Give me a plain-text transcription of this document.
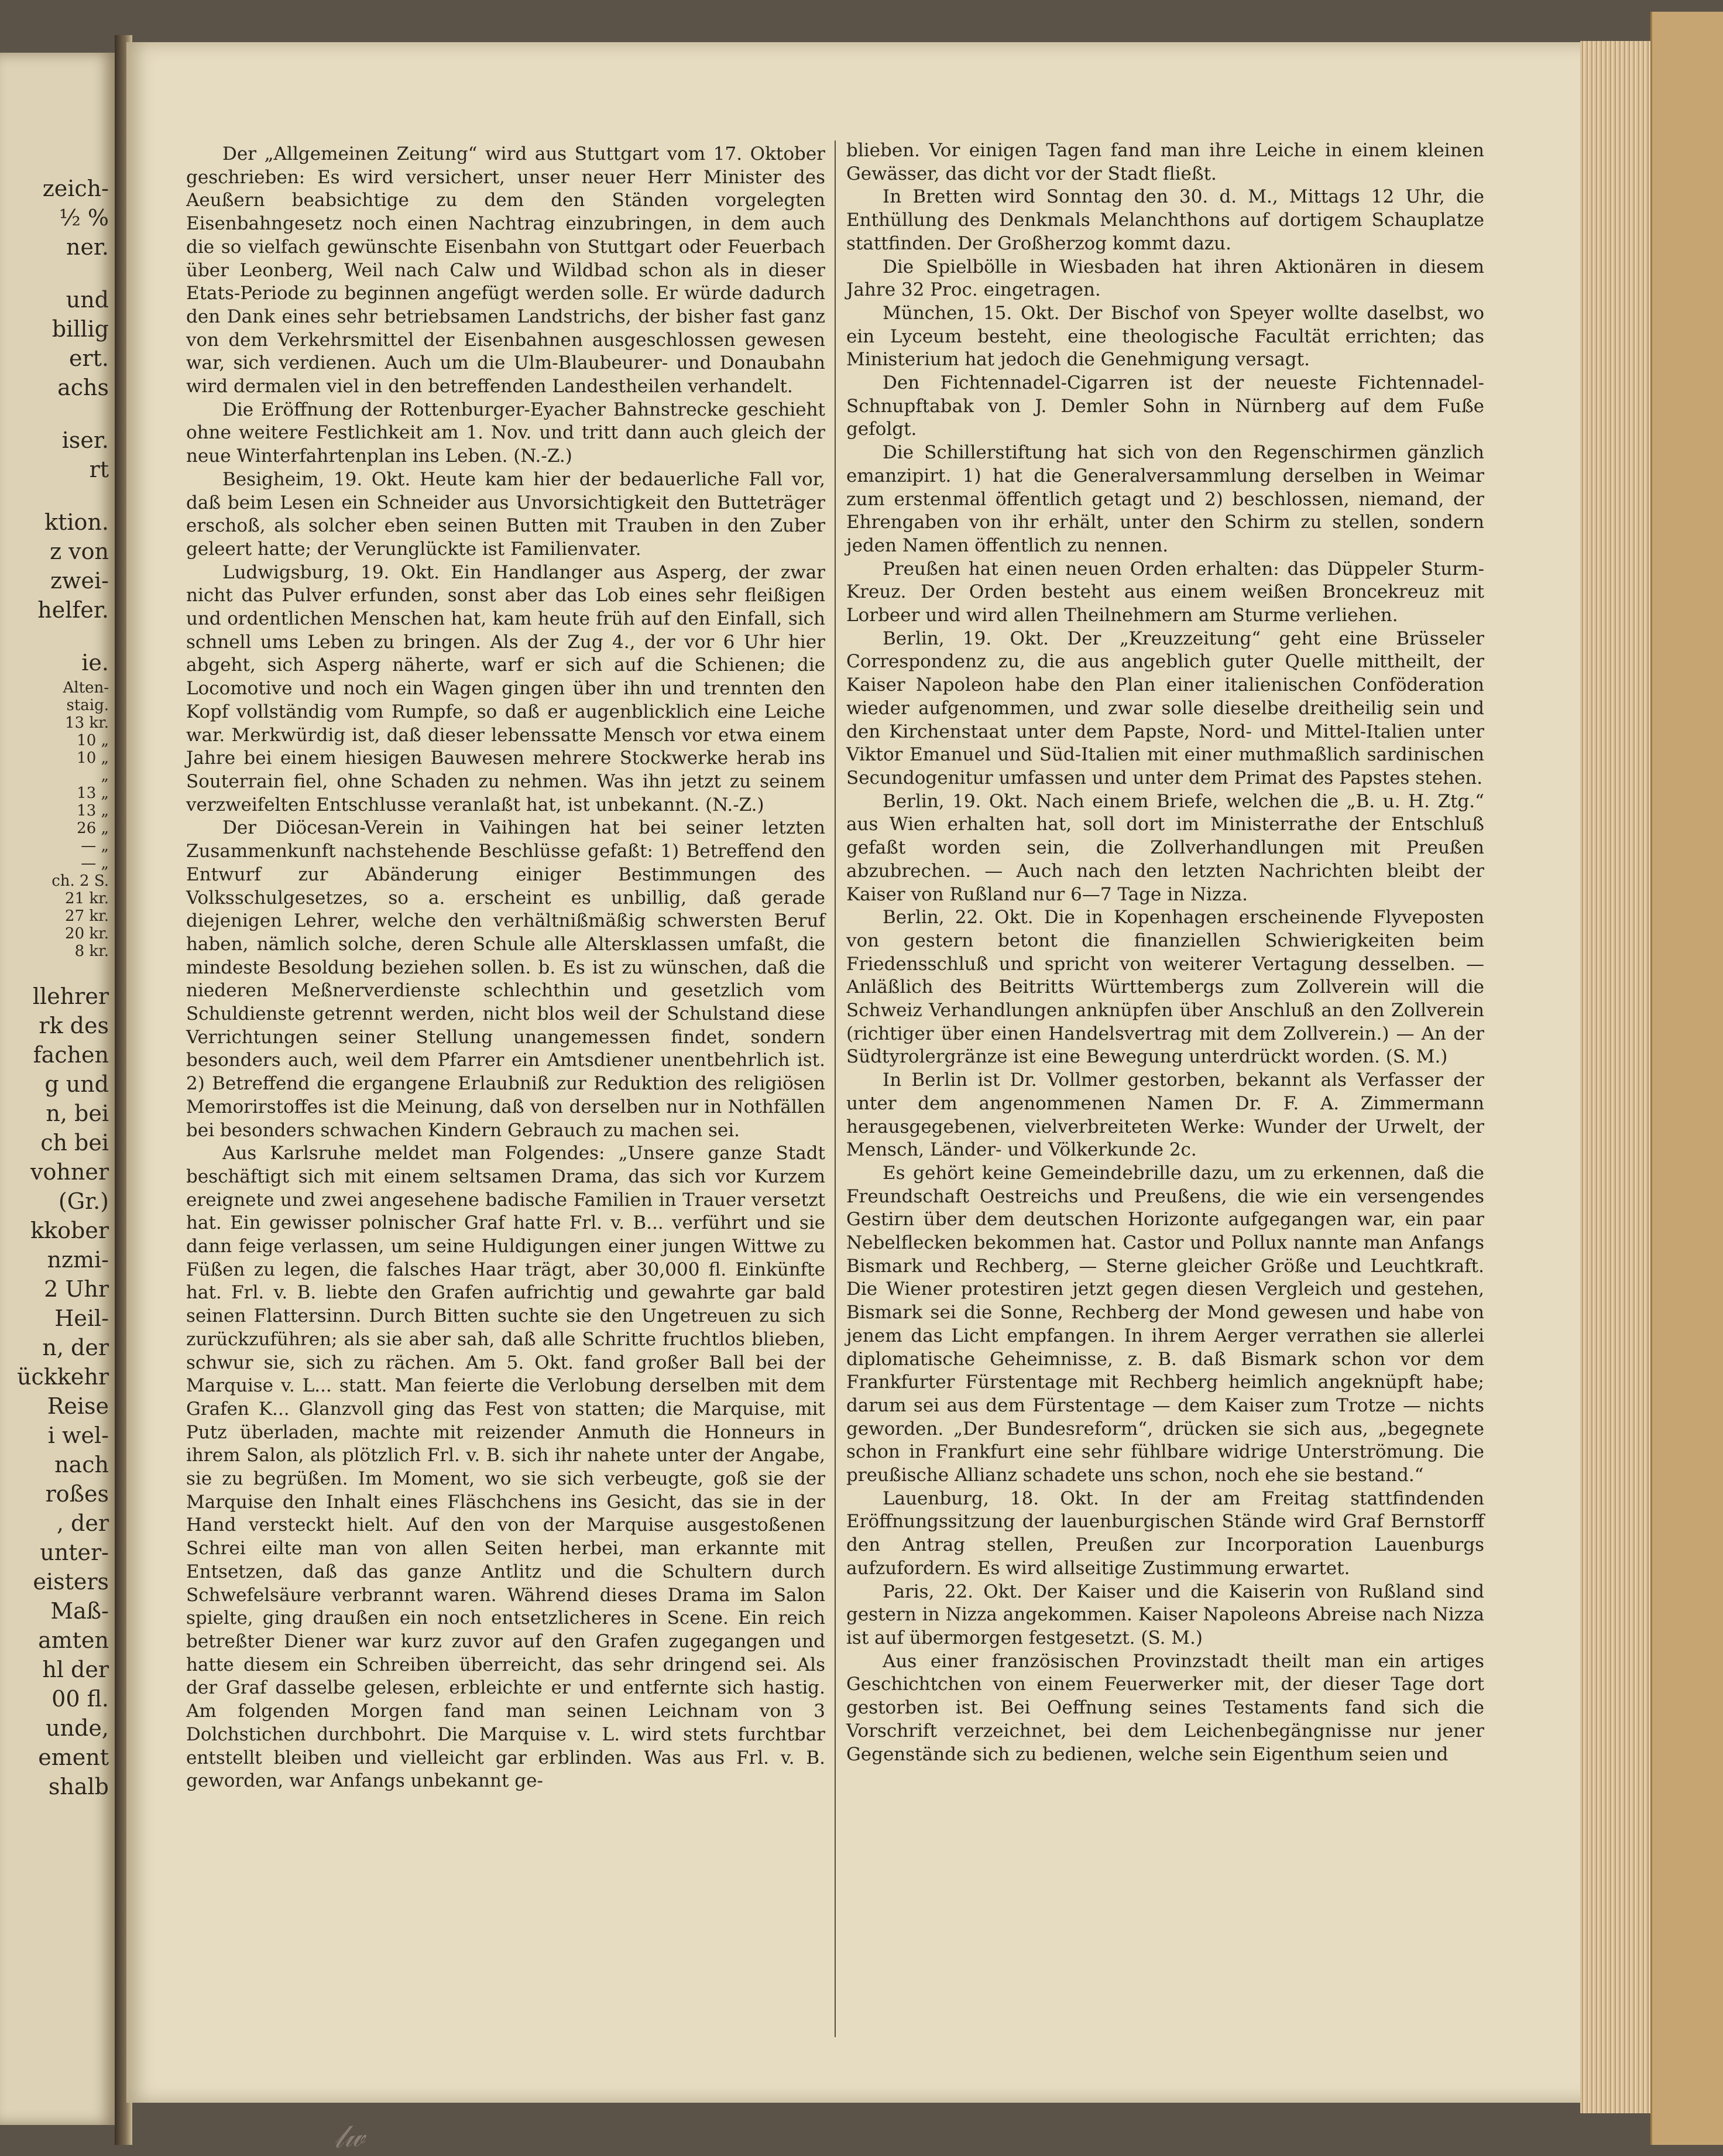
zeich-
½ %
ner.
und
billig
ert.
achs
iser.
rt
ktion.
z von
zwei-
helfer.
ie.
Alten-
staig.
13 kr.
10 „
10 „
„
13 „
13 „
26 „
— „
— „
ch. 2 S.
21 kr.
27 kr.
20 kr.
8 kr.
llehrer
rk des
fachen
g und
n, bei
ch bei
vohner
(Gr.)
kkober
nzmi-
2 Uhr
Heil-
n, der
ückkehr
Reise
i wel-
nach
roßes
, der
unter-
eisters
Maß-
amten
hl der
00 fl.
unde,
ement
shalb

Der „Allgemeinen Zeitung“ wird aus Stuttgart vom 17. Oktober geschrieben: Es wird versichert, unser neuer Herr Minister des Aeußern beabsichtige zu dem den Ständen vorgelegten Eisenbahngesetz noch einen Nachtrag einzubringen, in dem auch die so vielfach gewünschte Eisenbahn von Stuttgart oder Feuerbach über Leonberg, Weil nach Calw und Wildbad schon als in dieser Etats-Periode zu beginnen angefügt werden solle. Er würde dadurch den Dank eines sehr betriebsamen Landstrichs, der bisher fast ganz von dem Verkehrsmittel der Eisenbahnen ausgeschlossen gewesen war, sich verdienen. Auch um die Ulm-Blaubeurer- und Donaubahn wird dermalen viel in den betreffenden Landestheilen verhandelt.

Die Eröffnung der Rottenburger-Eyacher Bahnstrecke geschieht ohne weitere Festlichkeit am 1. Nov. und tritt dann auch gleich der neue Winterfahrtenplan ins Leben. (N.-Z.)

Besigheim, 19. Okt. Heute kam hier der bedauerliche Fall vor, daß beim Lesen ein Schneider aus Unvorsichtigkeit den Butteträger erschoß, als solcher eben seinen Butten mit Trauben in den Zuber geleert hatte; der Verunglückte ist Familienvater.

Ludwigsburg, 19. Okt. Ein Handlanger aus Asperg, der zwar nicht das Pulver erfunden, sonst aber das Lob eines sehr fleißigen und ordentlichen Menschen hat, kam heute früh auf den Einfall, sich schnell ums Leben zu bringen. Als der Zug 4., der vor 6 Uhr hier abgeht, sich Asperg näherte, warf er sich auf die Schienen; die Locomotive und noch ein Wagen gingen über ihn und trennten den Kopf vollständig vom Rumpfe, so daß er augenblicklich eine Leiche war. Merkwürdig ist, daß dieser lebenssatte Mensch vor etwa einem Jahre bei einem hiesigen Bauwesen mehrere Stockwerke herab ins Souterrain fiel, ohne Schaden zu nehmen. Was ihn jetzt zu seinem verzweifelten Entschlusse veranlaßt hat, ist unbekannt. (N.-Z.)

Der Diöcesan-Verein in Vaihingen hat bei seiner letzten Zusammenkunft nachstehende Beschlüsse gefaßt: 1) Betreffend den Entwurf zur Abänderung einiger Bestimmungen des Volksschulgesetzes, so a. erscheint es unbillig, daß gerade diejenigen Lehrer, welche den verhältnißmäßig schwersten Beruf haben, nämlich solche, deren Schule alle Altersklassen umfaßt, die mindeste Besoldung beziehen sollen. b. Es ist zu wünschen, daß die niederen Meßnerverdienste schlechthin und gesetzlich vom Schuldienste getrennt werden, nicht blos weil der Schulstand diese Verrichtungen seiner Stellung unangemessen findet, sondern besonders auch, weil dem Pfarrer ein Amtsdiener unentbehrlich ist. 2) Betreffend die ergangene Erlaubniß zur Reduktion des religiösen Memorirstoffes ist die Meinung, daß von derselben nur in Nothfällen bei besonders schwachen Kindern Gebrauch zu machen sei.

Aus Karlsruhe meldet man Folgendes: „Unsere ganze Stadt beschäftigt sich mit einem seltsamen Drama, das sich vor Kurzem ereignete und zwei angesehene badische Familien in Trauer versetzt hat. Ein gewisser polnischer Graf hatte Frl. v. B... verführt und sie dann feige verlassen, um seine Huldigungen einer jungen Wittwe zu Füßen zu legen, die falsches Haar trägt, aber 30,000 fl. Einkünfte hat. Frl. v. B. liebte den Grafen aufrichtig und gewahrte gar bald seinen Flattersinn. Durch Bitten suchte sie den Ungetreuen zu sich zurückzuführen; als sie aber sah, daß alle Schritte fruchtlos blieben, schwur sie, sich zu rächen. Am 5. Okt. fand großer Ball bei der Marquise v. L... statt. Man feierte die Verlobung derselben mit dem Grafen K... Glanzvoll ging das Fest von statten; die Marquise, mit Putz überladen, machte mit reizender Anmuth die Honneurs in ihrem Salon, als plötzlich Frl. v. B. sich ihr nahete unter der Angabe, sie zu begrüßen. Im Moment, wo sie sich verbeugte, goß sie der Marquise den Inhalt eines Fläschchens ins Gesicht, das sie in der Hand versteckt hielt. Auf den von der Marquise ausgestoßenen Schrei eilte man von allen Seiten herbei, man erkannte mit Entsetzen, daß das ganze Antlitz und die Schultern durch Schwefelsäure verbrannt waren. Während dieses Drama im Salon spielte, ging draußen ein noch entsetzlicheres in Scene. Ein reich betreßter Diener war kurz zuvor auf den Grafen zugegangen und hatte diesem ein Schreiben überreicht, das sehr dringend sei. Als der Graf dasselbe gelesen, erbleichte er und entfernte sich hastig. Am folgenden Morgen fand man seinen Leichnam von 3 Dolchstichen durchbohrt. Die Marquise v. L. wird stets furchtbar entstellt bleiben und vielleicht gar erblinden. Was aus Frl. v. B. geworden, war Anfangs unbekannt ge-

blieben. Vor einigen Tagen fand man ihre Leiche in einem kleinen Gewässer, das dicht vor der Stadt fließt.

In Bretten wird Sonntag den 30. d. M., Mittags 12 Uhr, die Enthüllung des Denkmals Melanchthons auf dortigem Schauplatze stattfinden. Der Großherzog kommt dazu.

Die Spielbölle in Wiesbaden hat ihren Aktionären in diesem Jahre 32 Proc. eingetragen.

München, 15. Okt. Der Bischof von Speyer wollte daselbst, wo ein Lyceum besteht, eine theologische Facultät errichten; das Ministerium hat jedoch die Genehmigung versagt.

Den Fichtennadel-Cigarren ist der neueste Fichtennadel-Schnupftabak von J. Demler Sohn in Nürnberg auf dem Fuße gefolgt.

Die Schillerstiftung hat sich von den Regenschirmen gänzlich emanzipirt. 1) hat die Generalversammlung derselben in Weimar zum erstenmal öffentlich getagt und 2) beschlossen, niemand, der Ehrengaben von ihr erhält, unter den Schirm zu stellen, sondern jeden Namen öffentlich zu nennen.

Preußen hat einen neuen Orden erhalten: das Düppeler Sturm-Kreuz. Der Orden besteht aus einem weißen Broncekreuz mit Lorbeer und wird allen Theilnehmern am Sturme verliehen.

Berlin, 19. Okt. Der „Kreuzzeitung“ geht eine Brüsseler Correspondenz zu, die aus angeblich guter Quelle mittheilt, der Kaiser Napoleon habe den Plan einer italienischen Conföderation wieder aufgenommen, und zwar solle dieselbe dreitheilig sein und den Kirchenstaat unter dem Papste, Nord- und Mittel-Italien unter Viktor Emanuel und Süd-Italien mit einer muthmaßlich sardinischen Secundogenitur umfassen und unter dem Primat des Papstes stehen.

Berlin, 19. Okt. Nach einem Briefe, welchen die „B. u. H. Ztg.“ aus Wien erhalten hat, soll dort im Ministerrathe der Entschluß gefaßt worden sein, die Zollverhandlungen mit Preußen abzubrechen. — Auch nach den letzten Nachrichten bleibt der Kaiser von Rußland nur 6—7 Tage in Nizza.

Berlin, 22. Okt. Die in Kopenhagen erscheinende Flyveposten von gestern betont die finanziellen Schwierigkeiten beim Friedensschluß und spricht von weiterer Vertagung desselben. — Anläßlich des Beitritts Württembergs zum Zollverein will die Schweiz Verhandlungen anknüpfen über Anschluß an den Zollverein (richtiger über einen Handelsvertrag mit dem Zollverein.) — An der Südtyrolergränze ist eine Bewegung unterdrückt worden. (S. M.)

In Berlin ist Dr. Vollmer gestorben, bekannt als Verfasser der unter dem angenommenen Namen Dr. F. A. Zimmermann herausgegebenen, vielverbreiteten Werke: Wunder der Urwelt, der Mensch, Länder- und Völkerkunde 2c.

Es gehört keine Gemeindebrille dazu, um zu erkennen, daß die Freundschaft Oestreichs und Preußens, die wie ein versengendes Gestirn über dem deutschen Horizonte aufgegangen war, ein paar Nebelflecken bekommen hat. Castor und Pollux nannte man Anfangs Bismark und Rechberg, — Sterne gleicher Größe und Leuchtkraft. Die Wiener protestiren jetzt gegen diesen Vergleich und gestehen, Bismark sei die Sonne, Rechberg der Mond gewesen und habe von jenem das Licht empfangen. In ihrem Aerger verrathen sie allerlei diplomatische Geheimnisse, z. B. daß Bismark schon vor dem Frankfurter Fürstentage mit Rechberg heimlich angeknüpft habe; darum sei aus dem Fürstentage — dem Kaiser zum Trotze — nichts geworden. „Der Bundesreform“, drücken sie sich aus, „begegnete schon in Frankfurt eine sehr fühlbare widrige Unterströmung. Die preußische Allianz schadete uns schon, noch ehe sie bestand.“

Lauenburg, 18. Okt. In der am Freitag stattfindenden Eröffnungssitzung der lauenburgischen Stände wird Graf Bernstorff den Antrag stellen, Preußen zur Incorporation Lauenburgs aufzufordern. Es wird allseitige Zustimmung erwartet.

Paris, 22. Okt. Der Kaiser und die Kaiserin von Rußland sind gestern in Nizza angekommen. Kaiser Napoleons Abreise nach Nizza ist auf übermorgen festgesetzt. (S. M.)

Aus einer französischen Provinzstadt theilt man ein artiges Geschichtchen von einem Feuerwerker mit, der dieser Tage dort gestorben ist. Bei Oeffnung seines Testaments fand sich die Vorschrift verzeichnet, bei dem Leichenbegängnisse nur jener Gegenstände sich zu bedienen, welche sein Eigenthum seien und

𝓁𝓌
